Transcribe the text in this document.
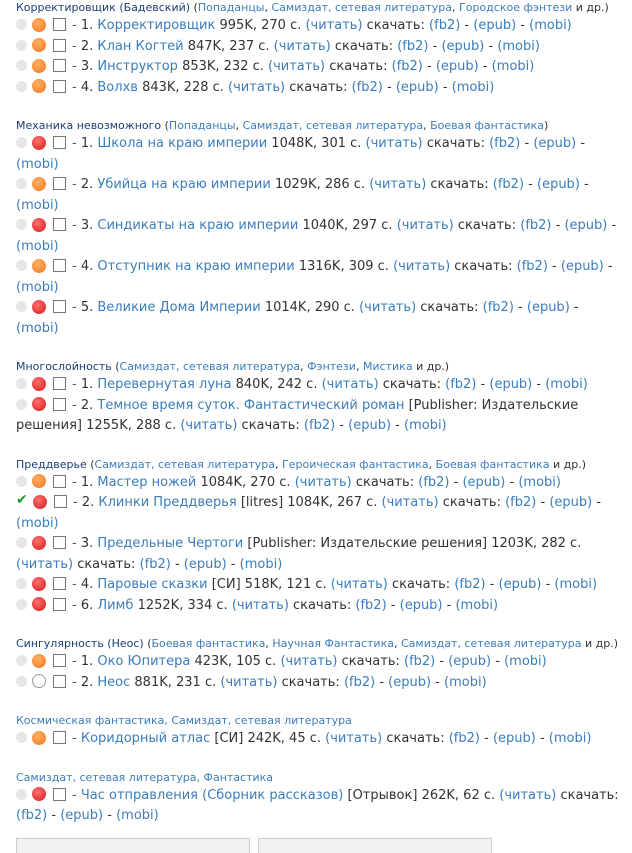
Корректировщик (Бадевский) (Попаданцы, Самиздат, сетевая литература, Городское фэнтези и др.)
- 1. Корректировщик 995K, 270 с. (читать) скачать: (fb2) - (epub) - (mobi)
- 2. Клан Когтей 847K, 237 с. (читать) скачать: (fb2) - (epub) - (mobi)
- 3. Инструктор 853K, 232 с. (читать) скачать: (fb2) - (epub) - (mobi)
- 4. Волхв 843K, 228 с. (читать) скачать: (fb2) - (epub) - (mobi)
Механика невозможного (Попаданцы, Самиздат, сетевая литература, Боевая фантастика)
- 1. Школа на краю империи 1048K, 301 с. (читать) скачать: (fb2) - (epub) - (mobi)
- 2. Убийца на краю империи 1029K, 286 с. (читать) скачать: (fb2) - (epub) - (mobi)
- 3. Синдикаты на краю империи 1040K, 297 с. (читать) скачать: (fb2) - (epub) - (mobi)
- 4. Отступник на краю империи 1316K, 309 с. (читать) скачать: (fb2) - (epub) - (mobi)
- 5. Великие Дома Империи 1014K, 290 с. (читать) скачать: (fb2) - (epub) - (mobi)
Многослойность (Самиздат, сетевая литература, Фэнтези, Мистика и др.)
- 1. Перевернутая луна 840K, 242 с. (читать) скачать: (fb2) - (epub) - (mobi)
- 2. Темное время суток. Фантастический роман [Publisher: Издательские решения] 1255K, 288 с. (читать) скачать: (fb2) - (epub) - (mobi)
Преддверье (Самиздат, сетевая литература, Героическая фантастика, Боевая фантастика и др.)
- 1. Мастер ножей 1084K, 270 с. (читать) скачать: (fb2) - (epub) - (mobi)
✔	- 2. Клинки Преддверья [litres] 1084K, 267 с. (читать) скачать: (fb2) - (epub) - (mobi)
- 3. Предельные Чертоги [Publisher: Издательские решения] 1203K, 282 с. (читать) скачать: (fb2) - (epub) - (mobi)
- 4. Паровые сказки [СИ] 518K, 121 с. (читать) скачать: (fb2) - (epub) - (mobi)
- 6. Лимб 1252K, 334 с. (читать) скачать: (fb2) - (epub) - (mobi)
Сингулярность (Неос) (Боевая фантастика, Научная Фантастика, Самиздат, сетевая литература и др.)
- 1. Око Юпитера 423K, 105 с. (читать) скачать: (fb2) - (epub) - (mobi)
- 2. Неос 881K, 231 с. (читать) скачать: (fb2) - (epub) - (mobi)
Космическая фантастика, Самиздат, сетевая литература
- Коридорный атлас [СИ] 242K, 45 с. (читать) скачать: (fb2) - (epub) - (mobi)
Самиздат, сетевая литература, Фантастика
- Час отправления (Сборник рассказов) [Отрывок] 262K, 62 с. (читать) скачать: (fb2) - (epub) - (mobi)
